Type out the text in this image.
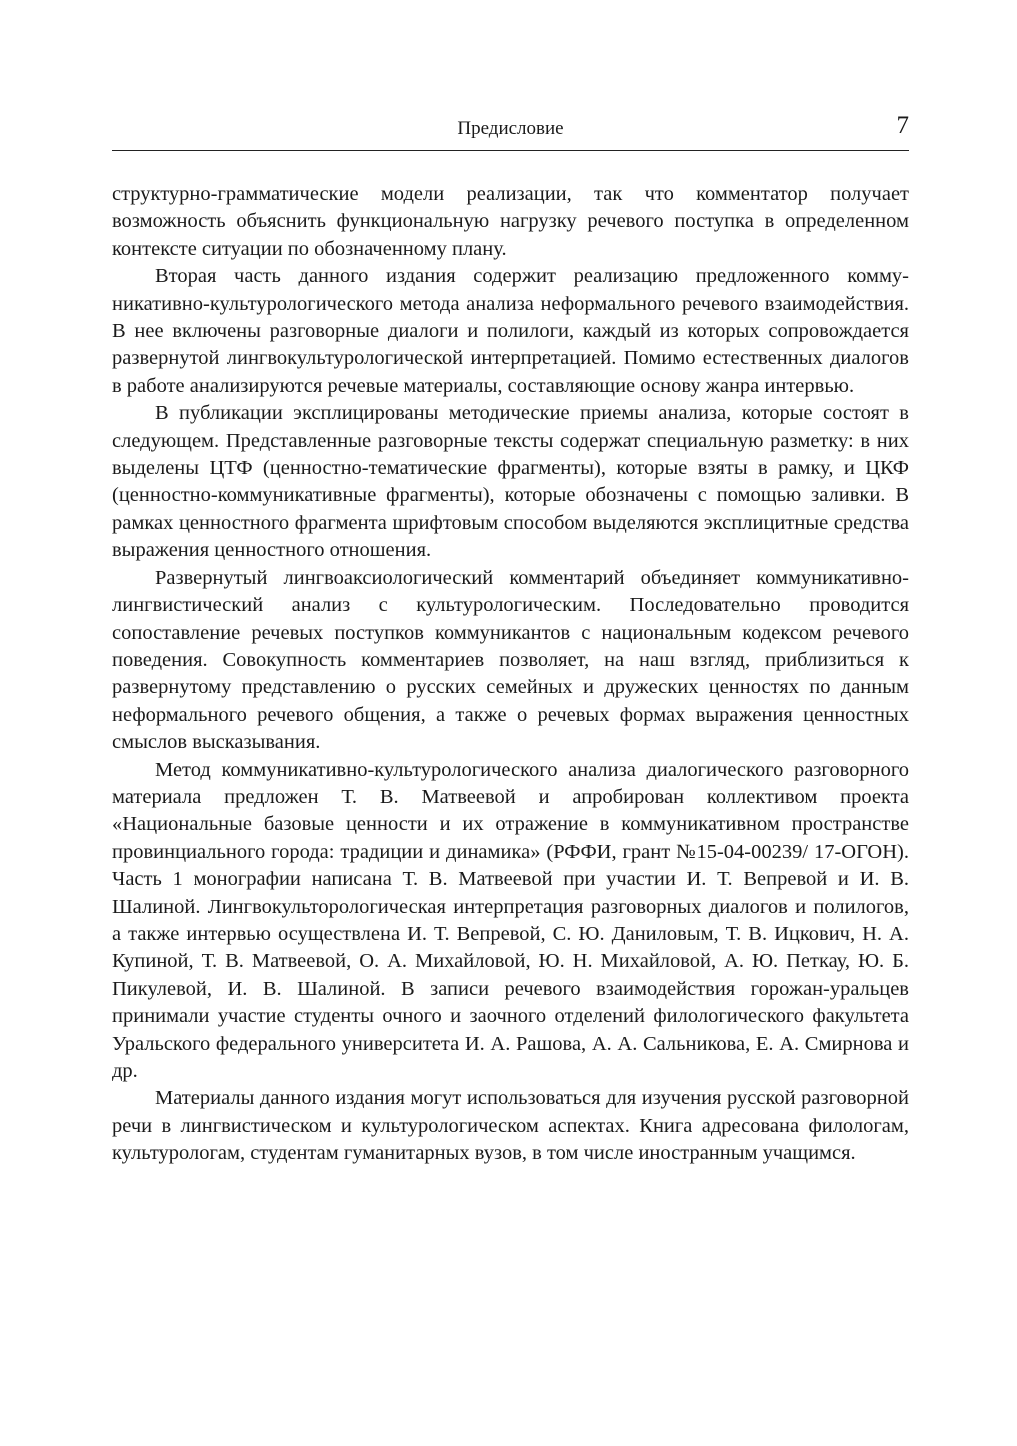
Предисловие	7

структурно-грамматические модели реализации, так что комментатор получает возможность объяснить функциональную нагрузку речевого поступка в определенном контексте ситуации по обозначенному плану.

Вторая часть данного издания содержит реализацию предложенного коммуникативно-культурологического метода анализа неформального речевого взаимодействия. В нее включены разговорные диалоги и полилоги, каждый из которых сопровождается развернутой лингвокультурологической интерпретацией. Помимо естественных диалогов в работе анализируются речевые материалы, составляющие основу жанра интервью.

В публикации эксплицированы методические приемы анализа, которые состоят в следующем. Представленные разговорные тексты содержат специальную разметку: в них выделены ЦТФ (ценностно-тематические фрагменты), которые взяты в рамку, и ЦКФ (ценностно-коммуникативные фрагменты), которые обозначены с помощью заливки. В рамках ценностного фрагмента шрифтовым способом выделяются эксплицитные средства выражения ценностного отношения.

Развернутый лингвоаксиологический комментарий объединяет коммуникативно-лингвистический анализ с культурологическим. Последовательно проводится сопоставление речевых поступков коммуникантов с национальным кодексом речевого поведения. Совокупность комментариев позволяет, на наш взгляд, приблизиться к развернутому представлению о русских семейных и дружеских ценностях по данным неформального речевого общения, а также о речевых формах выражения ценностных смыслов высказывания.

Метод коммуникативно-культурологического анализа диалогического разговорного материала предложен Т. В. Матвеевой и апробирован коллективом проекта «Национальные базовые ценности и их отражение в коммуникативном пространстве провинциального города: традиции и динамика» (РФФИ, грант №15-04-00239/ 17-ОГОН). Часть 1 монографии написана Т. В. Матвеевой при участии И. Т. Вепревой и И. В. Шалиной. Лингвокульторологическая интерпретация разговорных диалогов и полилогов, а также интервью осуществлена И. Т. Вепревой, С. Ю. Даниловым, Т. В. Ицкович, Н. А. Купиной, Т. В. Матвеевой, О. А. Михайловой, Ю. Н. Михайловой, А. Ю. Петкау, Ю. Б. Пикулевой, И. В. Шалиной. В записи речевого взаимодействия горожан-уральцев принимали участие студенты очного и заочного отделений филологического факультета Уральского федерального университета И. А. Рашова, А. А. Сальникова, Е. А. Смирнова и др.

Материалы данного издания могут использоваться для изучения русской разговорной речи в лингвистическом и культурологическом аспектах. Книга адресована филологам, культурологам, студентам гуманитарных вузов, в том числе иностранным учащимся.
